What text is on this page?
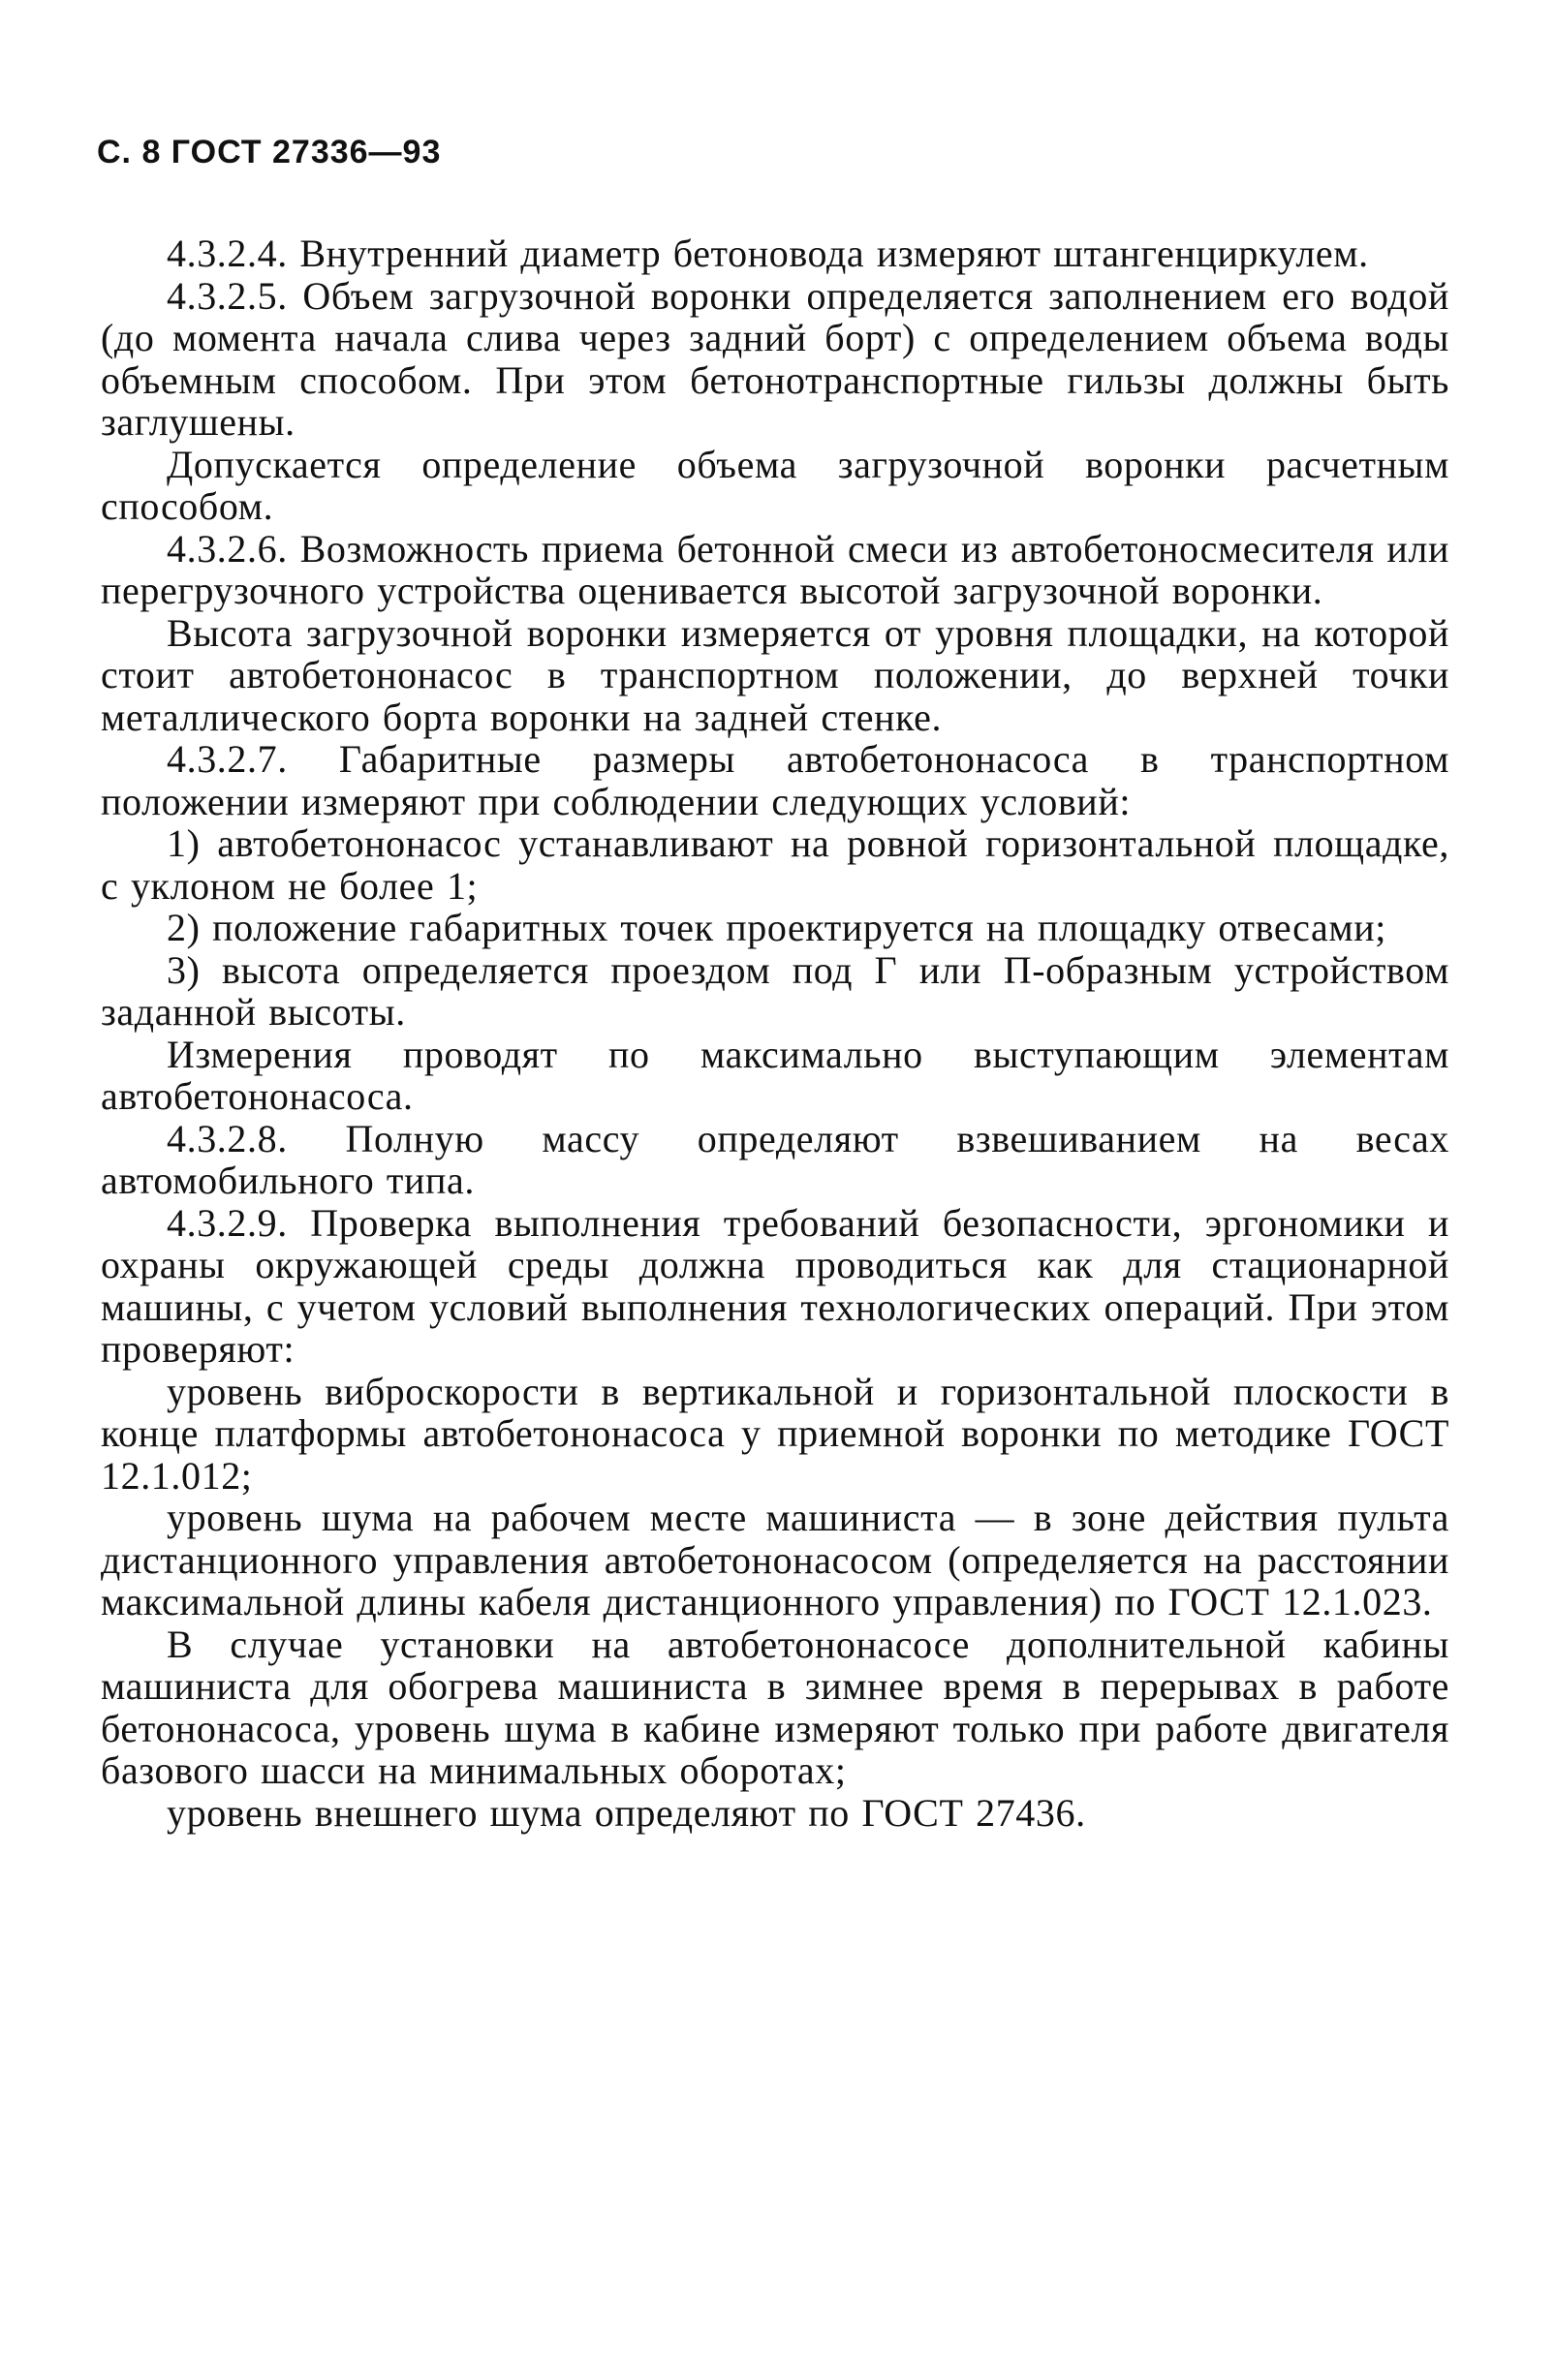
С. 8 ГОСТ 27336—93

4.3.2.4. Внутренний диаметр бетоновода измеряют штангенциркулем.

4.3.2.5. Объем загрузочной воронки определяется заполнением его водой (до момента начала слива через задний борт) с определением объема воды объемным способом. При этом бетонотранспортные гильзы должны быть заглушены.

Допускается определение объема загрузочной воронки расчетным способом.

4.3.2.6. Возможность приема бетонной смеси из автобетоносмесителя или перегрузочного устройства оценивается высотой загрузочной воронки.

Высота загрузочной воронки измеряется от уровня площадки, на которой стоит автобетононасос в транспортном положении, до верхней точки металлического борта воронки на задней стенке.

4.3.2.7. Габаритные размеры автобетононасоса в транспортном положении измеряют при соблюдении следующих условий:

1) автобетононасос устанавливают на ровной горизонтальной площадке, с уклоном не более 1;

2) положение габаритных точек проектируется на площадку отвесами;

3) высота определяется проездом под Г или П-образным устройством заданной высоты.

Измерения проводят по максимально выступающим элементам автобетононасоса.

4.3.2.8. Полную массу определяют взвешиванием на весах автомобильного типа.

4.3.2.9. Проверка выполнения требований безопасности, эргономики и охраны окружающей среды должна проводиться как для стационарной машины, с учетом условий выполнения технологических операций. При этом проверяют:

уровень виброскорости в вертикальной и горизонтальной плоскости в конце платформы автобетононасоса у приемной воронки по методике ГОСТ 12.1.012;

уровень шума на рабочем месте машиниста — в зоне действия пульта дистанционного управления автобетононасосом (определяется на расстоянии максимальной длины кабеля дистанционного управления) по ГОСТ 12.1.023.

В случае установки на автобетононасосе дополнительной кабины машиниста для обогрева машиниста в зимнее время в перерывах в работе бетононасоса, уровень шума в кабине измеряют только при работе двигателя базового шасси на минимальных оборотах;

уровень внешнего шума определяют по ГОСТ 27436.
